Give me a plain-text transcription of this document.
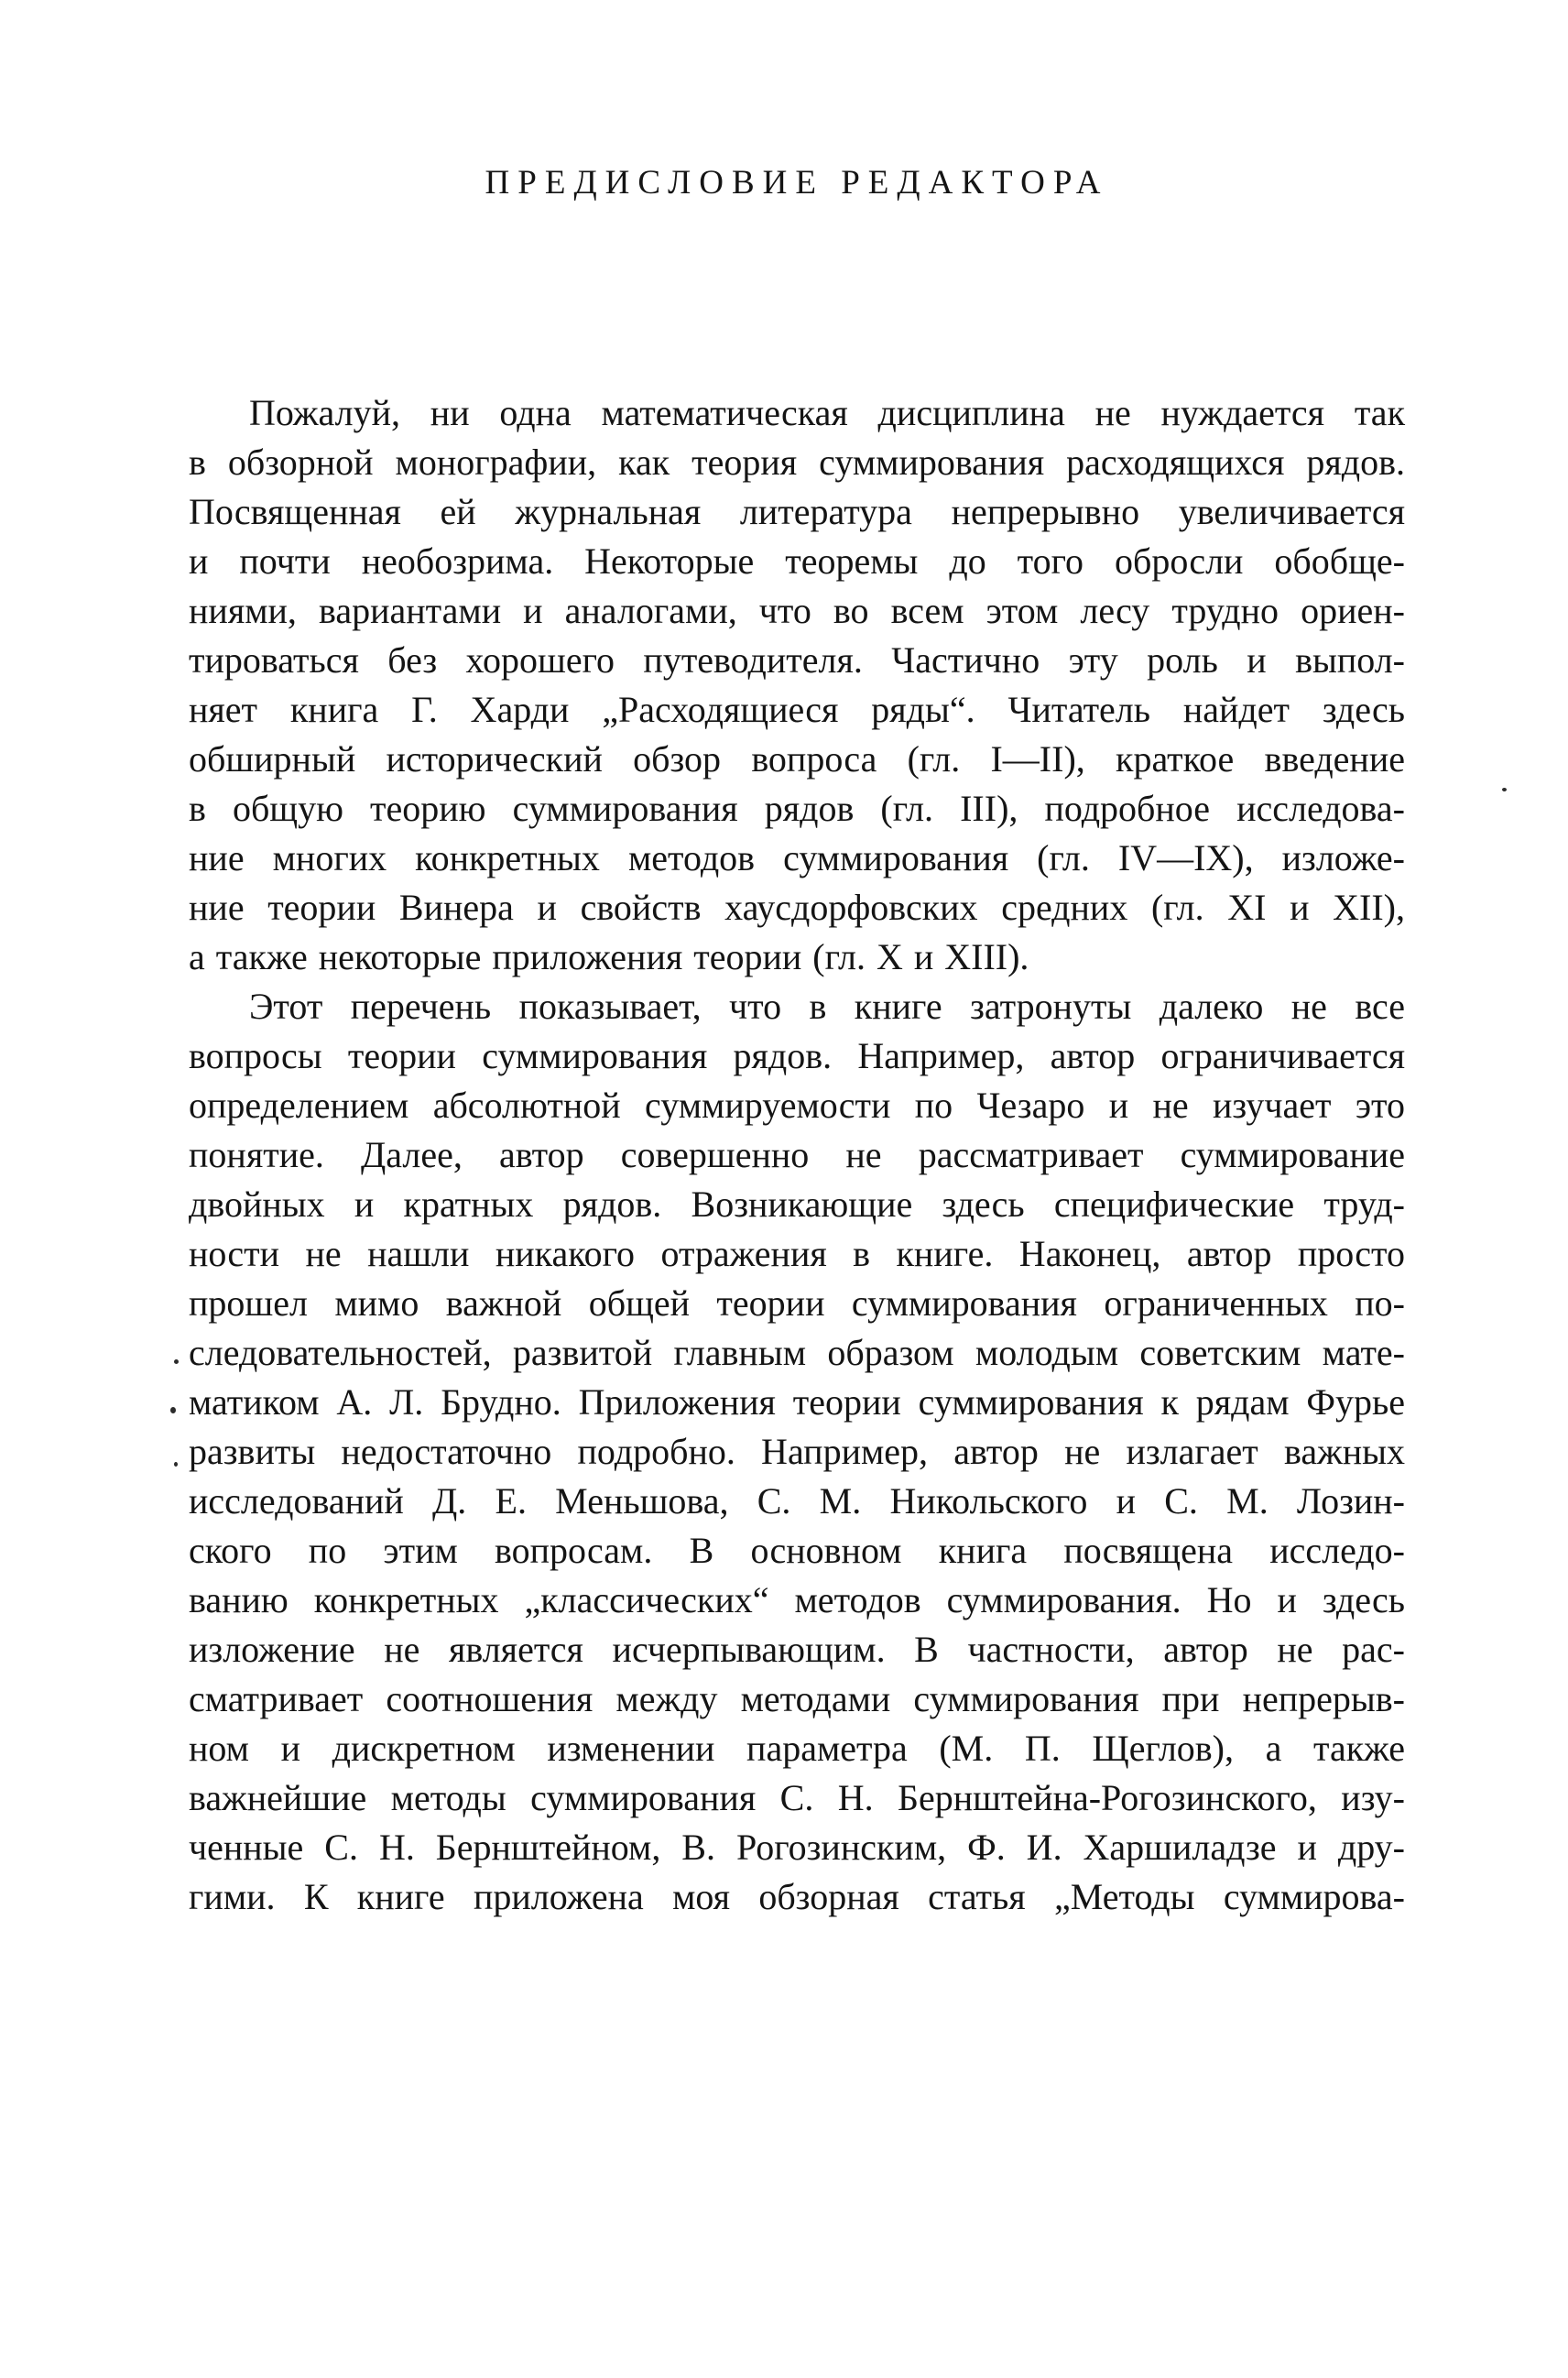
ПРЕДИСЛОВИЕ РЕДАКТОРА
Пожалуй, ни одна математическая дисциплина не нуждается так
в обзорной монографии, как теория суммирования расходящихся рядов.
Посвященная ей журнальная литература непрерывно увеличивается
и почти необозрима. Некоторые теоремы до того обросли обобще-
ниями, вариантами и аналогами, что во всем этом лесу трудно ориен-
тироваться без хорошего путеводителя. Частично эту роль и выпол-
няет книга Г. Харди „Расходящиеся ряды“. Читатель найдет здесь
обширный исторический обзор вопроса (гл. I—II), краткое введение
в общую теорию суммирования рядов (гл. III), подробное исследова-
ние многих конкретных методов суммирования (гл. IV—IX), изложе-
ние теории Винера и свойств хаусдорфовских средних (гл. XI и XII),
а также некоторые приложения теории (гл. X и XIII).
Этот перечень показывает, что в книге затронуты далеко не все
вопросы теории суммирования рядов. Например, автор ограничивается
определением абсолютной суммируемости по Чезаро и не изучает это
понятие. Далее, автор совершенно не рассматривает суммирование
двойных и кратных рядов. Возникающие здесь специфические труд-
ности не нашли никакого отражения в книге. Наконец, автор просто
прошел мимо важной общей теории суммирования ограниченных по-
следовательностей, развитой главным образом молодым советским мате-
матиком А. Л. Брудно. Приложения теории суммирования к рядам Фурье
развиты недостаточно подробно. Например, автор не излагает важных
исследований Д. Е. Меньшова, С. М. Никольского и С. М. Лозин-
ского по этим вопросам. В основном книга посвящена исследо-
ванию конкретных „классических“ методов суммирования. Но и здесь
изложение не является исчерпывающим. В частности, автор не рас-
сматривает соотношения между методами суммирования при непрерыв-
ном и дискретном изменении параметра (М. П. Щеглов), а также
важнейшие методы суммирования С. Н. Бернштейна-Рогозинского, изу-
ченные С. Н. Бернштейном, В. Рогозинским, Ф. И. Харшиладзе и дру-
гими. К книге приложена моя обзорная статья „Методы суммирова-
